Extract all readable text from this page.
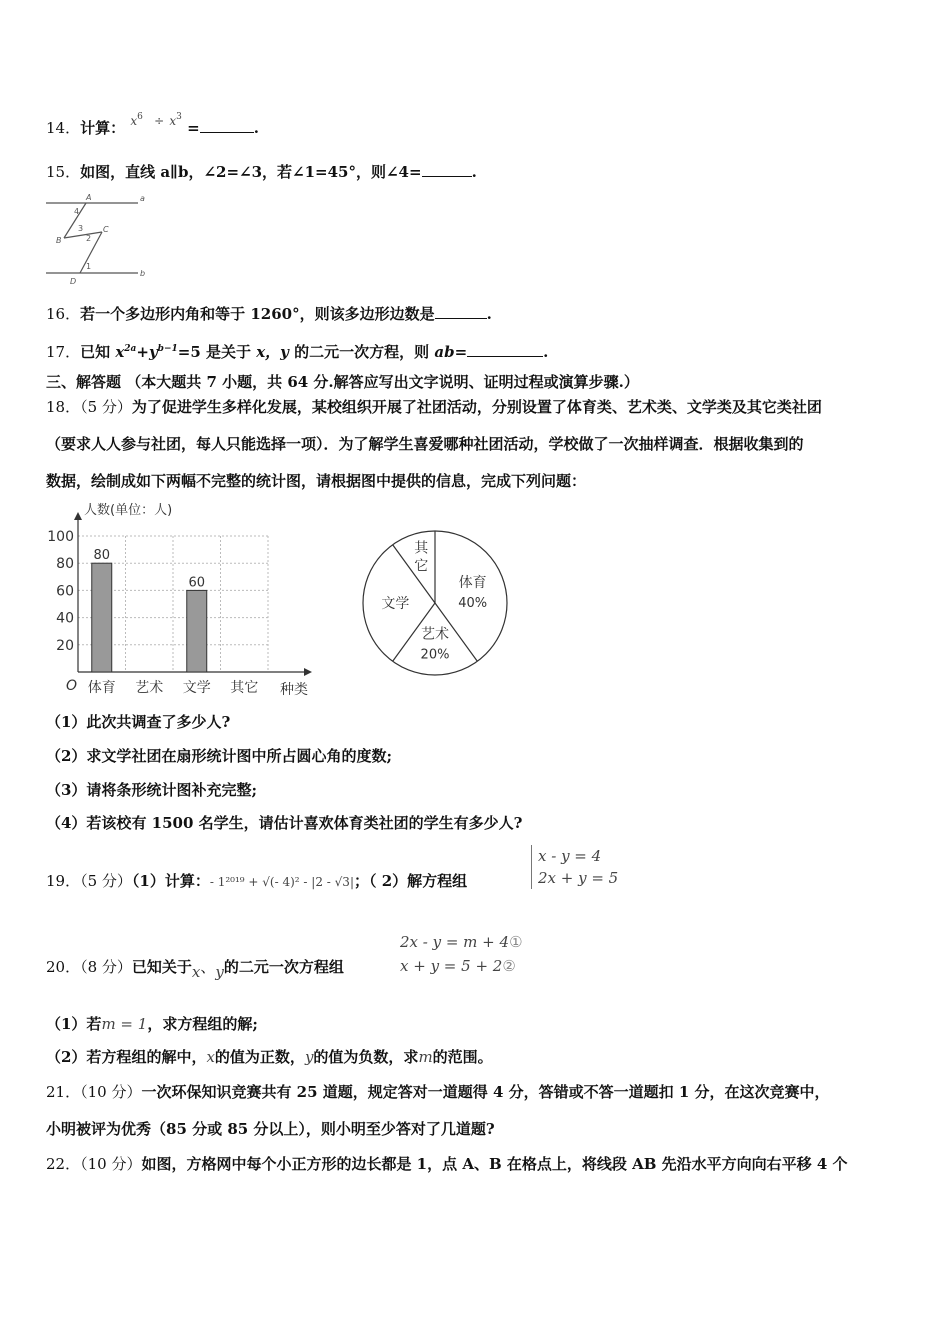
14．计算： $^{x6}$ ÷ $^{x3}$ =	.
15．如图，直线 a∥b，∠2=∠3，若∠1=45°，则∠4=	.
a
b
A
B
C
D
1
2
3
4
16．若一个多边形内角和等于 1260°，则该多边形边数是	.
17．已知 $x^{2a}+y^{b-1}=5$ 是关于 x，y 的二元一次方程，则 ab=	.
三、解答题 （本大题共 7 小题，共 64 分.解答应写出文字说明、证明过程或演算步骤.）
18．（5 分）为了促进学生多样化发展，某校组织开展了社团活动，分别设置了体育类、艺术类、文学类及其它类社团
（要求人人参与社团，每人只能选择一项）．为了解学生喜爱哪种社团活动，学校做了一次抽样调查．根据收集到的
数据，绘制成如下两幅不完整的统计图，请根据图中提供的信息，完成下列问题：
20
40
60
80
100
人数(单位：人)
O	种类
体育
80
艺术 文学
60
其它
体育
40%
艺术
20%
文学
其
它
（1）此次共调查了多少人?
（2）求文学社团在扇形统计图中所占圆心角的度数;
（3）请将条形统计图补充完整;
（4）若该校有 1500 名学生，请估计喜欢体育类社团的学生有多少人?
19．（5 分）（1）计算：- 1²⁰¹⁹ + √(- 4)² - |2 - √3|；（ 2）解方程组
x - y = 4
2x + y = 5
20．（8 分）已知关于x、y的二元一次方程组
2x - y = m + 4①
x + y = 5 + 2②
（1）若m = 1，求方程组的解;
（2）若方程组的解中，x的值为正数，y的值为负数，求m的范围。
21．（10 分）一次环保知识竞赛共有 25 道题，规定答对一道题得 4 分，答错或不答一道题扣 1 分，在这次竞赛中，
小明被评为优秀（85 分或 85 分以上），则小明至少答对了几道题?
22．（10 分）如图，方格网中每个小正方形的边长都是 1，点 A、B 在格点上，将线段 AB 先沿水平方向向右平移 4 个
